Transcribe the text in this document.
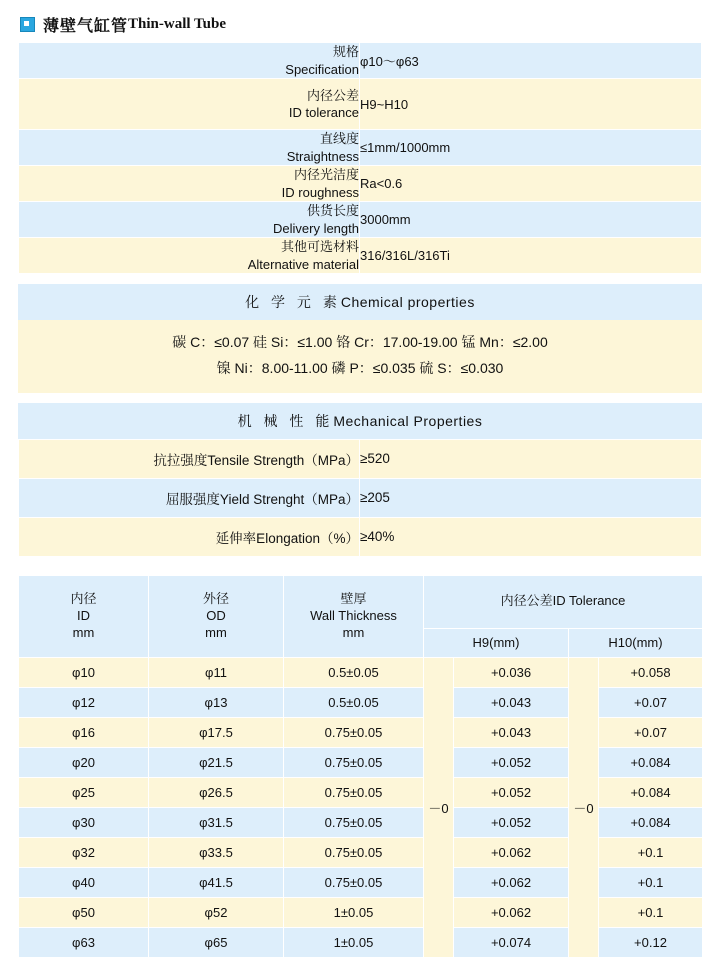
薄壁气缸管 Thin-wall Tube
规格
Specification	φ10～φ63

内径公差
ID tolerance	H9~H10

直线度
Straightness	≤1mm/1000mm

内径光洁度
ID roughness	Ra<0.6

供货长度
Delivery length	3000mm

其他可选材料
Alternative material	316/316L/316Ti
化 学 元 素Chemical properties
碳 C：≤0.07 硅 Si：≤1.00 铬 Cr：17.00-19.00 锰 Mn：≤2.00
镍 Ni：8.00-11.00 磷 P：≤0.035 硫 S：≤0.030
机 械 性 能Mechanical Properties
抗拉强度Tensile Strength（MPa）	≥520
屈服强度Yield Strenght（MPa）	≥205
延伸率Elongation（%）	≥40%
内径
ID
mm	外径
OD
mm	壁厚
Wall Thickness
mm	内径公差ID Tolerance			
			H9(mm)		H10(mm)	
φ10	φ11	0.5±0.05	－0	+0.036	－0	+0.058
φ12	φ13	0.5±0.05		+0.043		+0.07
φ16	φ17.5	0.75±0.05		+0.043		+0.07
φ20	φ21.5	0.75±0.05		+0.052		+0.084
φ25	φ26.5	0.75±0.05		+0.052		+0.084
φ30	φ31.5	0.75±0.05		+0.052		+0.084
φ32	φ33.5	0.75±0.05		+0.062		+0.1
φ40	φ41.5	0.75±0.05		+0.062		+0.1
φ50	φ52	1±0.05		+0.062		+0.1
φ63	φ65	1±0.05		+0.074		+0.12
